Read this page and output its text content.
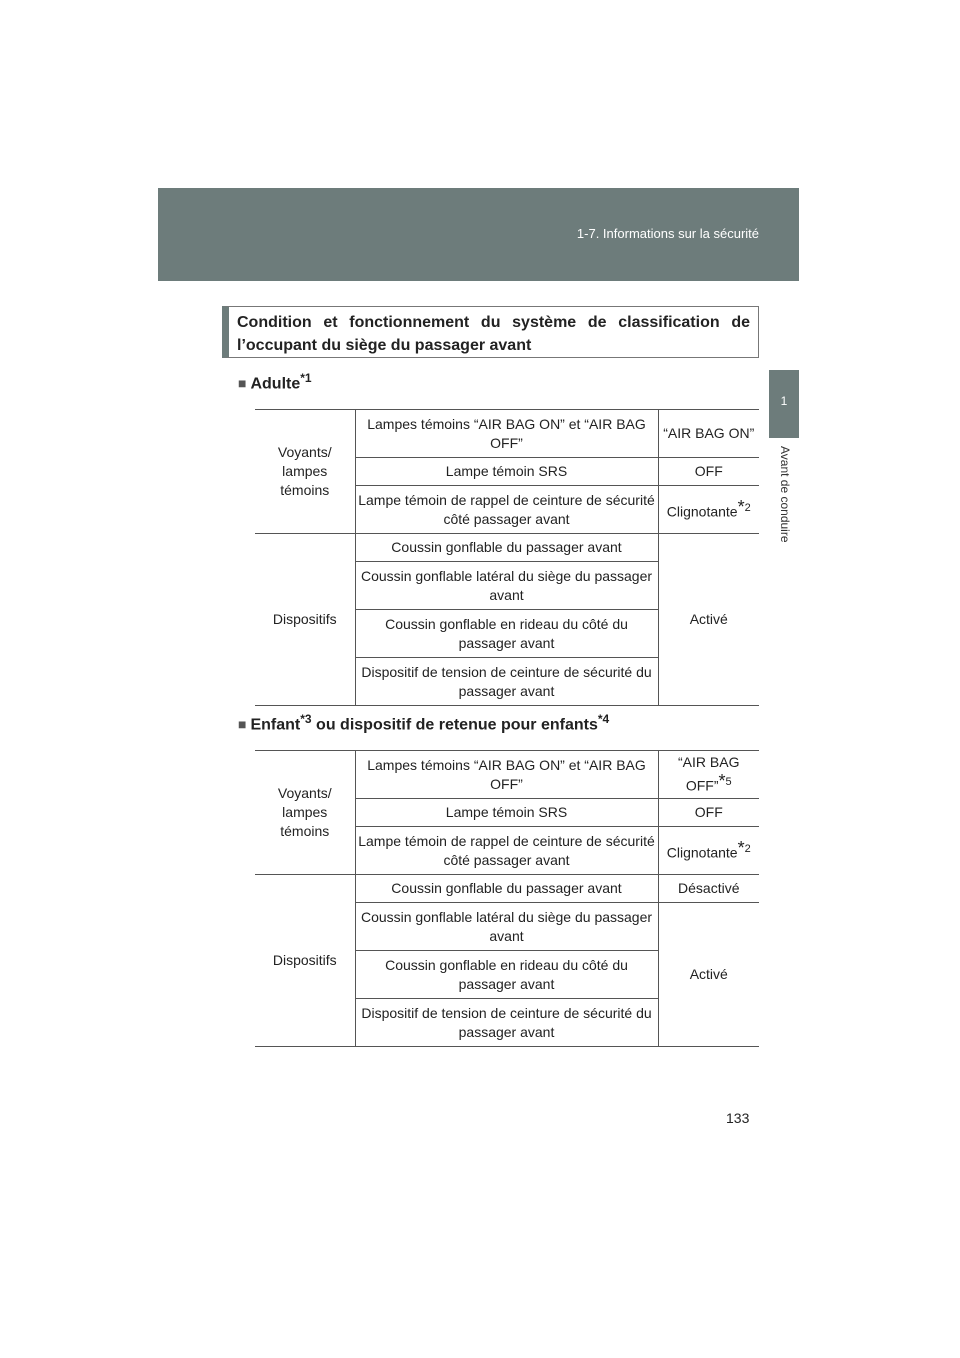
1-7. Informations sur la sécurité
1
Avant de conduire
Condition et fonctionnement du système de classification de l’occupant du siège du passager avant
■ Adulte$^{*1}$
Voyants/ lampes témoins	Lampes témoins “AIR BAG ON” et “AIR BAG OFF”	“AIR BAG ON”
	Lampe témoin SRS	OFF
	Lampe témoin de rappel de ceinture de sécurité côté passager avant	Clignotante$^{*2}$
Dispositifs	Coussin gonflable du passager avant	Activé
	Coussin gonflable latéral du siège du passager avant	
	Coussin gonflable en rideau du côté du passager avant	
	Dispositif de tension de ceinture de sécurité du passager avant	
■ Enfant$^{*3}$ ou dispositif de retenue pour enfants$^{*4}$
Voyants/ lampes témoins	Lampes témoins “AIR BAG ON” et “AIR BAG OFF”	“AIR BAG OFF”$^{*5}$
	Lampe témoin SRS	OFF
	Lampe témoin de rappel de ceinture de sécurité côté passager avant	Clignotante$^{*2}$
Dispositifs	Coussin gonflable du passager avant	Désactivé
	Coussin gonflable latéral du siège du passager avant	Activé
	Coussin gonflable en rideau du côté du passager avant	
	Dispositif de tension de ceinture de sécurité du passager avant	
133
